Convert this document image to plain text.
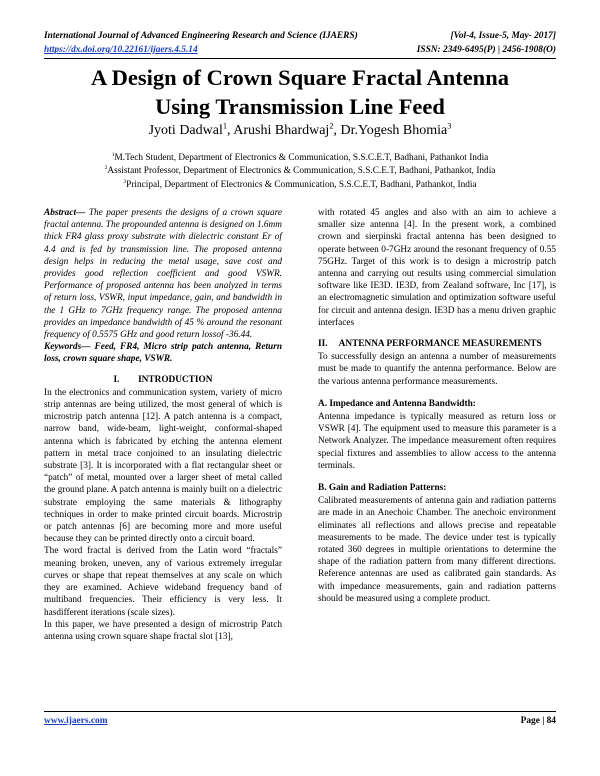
International Journal of Advanced Engineering Research and Science (IJAERS)	[Vol-4, Issue-5, May- 2017]
https://dx.doi.org/10.22161/ijaers.4.5.14	ISSN: 2349-6495(P) | 2456-1908(O)
A Design of Crown Square Fractal Antenna
Using Transmission Line Feed
Jyoti Dadwal$^1$, Arushi Bhardwaj$^2$, Dr.Yogesh Bhomia$^3$
$^1$M.Tech Student, Department of Electronics & Communication, S.S.C.E.T, Badhani, Pathankot India
$^2$Assistant Professor, Department of Electronics & Communication, S.S.C.E.T, Badhani, Pathankot, India
$^3$Principal, Department of Electronics & Communication, S.S.C.E.T, Badhani, Pathankot, India

Abstract— The paper presents the designs of a crown square fractal antenna. The propounded antenna is designed on 1.6mm thick FR4 glass proxy substrate with dielectric constant Er of 4.4 and is fed by transmission line. The proposed antenna design helps in reducing the metal usage, save cost and provides good reflection coefficient and good VSWR. Performance of proposed antenna has been analyzed in terms of return loss, VSWR, input impedance, gain, and bandwidth in the 1 GHz to 7GHz frequency range. The proposed antenna provides an impedance bandwidth of 45 % around the resonant frequency of 0.5575 GHz and good return lossof -36.44.

Keywords— Feed, FR4, Micro strip patch antenna, Return loss, crown square shape, VSWR.

I.        INTRODUCTION

In the electronics and communication system, variety of micro strip antennas are being utilized, the most general of which is microstrip patch antenna [12]. A patch antenna is a compact, narrow band, wide-beam, light-weight, conformal-shaped antenna which is fabricated by etching the antenna element pattern in metal trace conjoined to an insulating dielectric substrate [3]. It is incorporated with a flat rectangular sheet or “patch” of metal, mounted over a larger sheet of metal called the ground plane. A patch antenna is mainly built on a dielectric substrate employing the same materials & lithography techniques in order to make printed circuit boards. Microstrip or patch antennas [6] are becoming more and more useful because they can be printed directly onto a circuit board.

The word fractal is derived from the Latin word “fractals” meaning broken, uneven, any of various extremely irregular curves or shape that repeat themselves at any scale on which they are examined. Achieve wideband frequency band of multiband frequencies. Their efficiency is very less. It hasdifferent iterations (scale sizes).

In this paper, we have presented a design of microstrip Patch antenna using crown square shape fractal slot [13],

with rotated 45 angles and also with an aim to achieve a smaller size antenna [4]. In the present work, a combined crown and sierpinski fractal antenna has been designed to operate between 0-7GHz around the resonant frequency of 0.55 75GHz. Target of this work is to design a microstrip patch antenna and carrying out results using commercial simulation software like IE3D. IE3D, from Zealand software, Inc [17], is an electromagnetic simulation and optimization software useful for circuit and antenna design. IE3D has a menu driven graphic interfaces

II.     ANTENNA PERFORMANCE MEASUREMENTS

To successfully design an antenna a number of measurements must be made to quantify the antenna performance. Below are the various antenna performance measurements.

A. Impedance and Antenna Bandwidth:

Antenna impedance is typically measured as return loss or VSWR [4]. The equipment used to measure this parameter is a Network Analyzer. The impedance measurement often requires special fixtures and assemblies to allow access to the antenna terminals.

B. Gain and Radiation Patterns:

Calibrated measurements of antenna gain and radiation patterns are made in an Anechoic Chamber. The anechoic environment eliminates all reflections and allows precise and repeatable measurements to be made. The device under test is typically rotated 360 degrees in multiple orientations to determine the shape of the radiation pattern from many different directions. Reference antennas are used as calibrated gain standards. As with impedance measurements, gain and radiation patterns should be measured using a complete product.

www.ijaers.com	Page | 84
